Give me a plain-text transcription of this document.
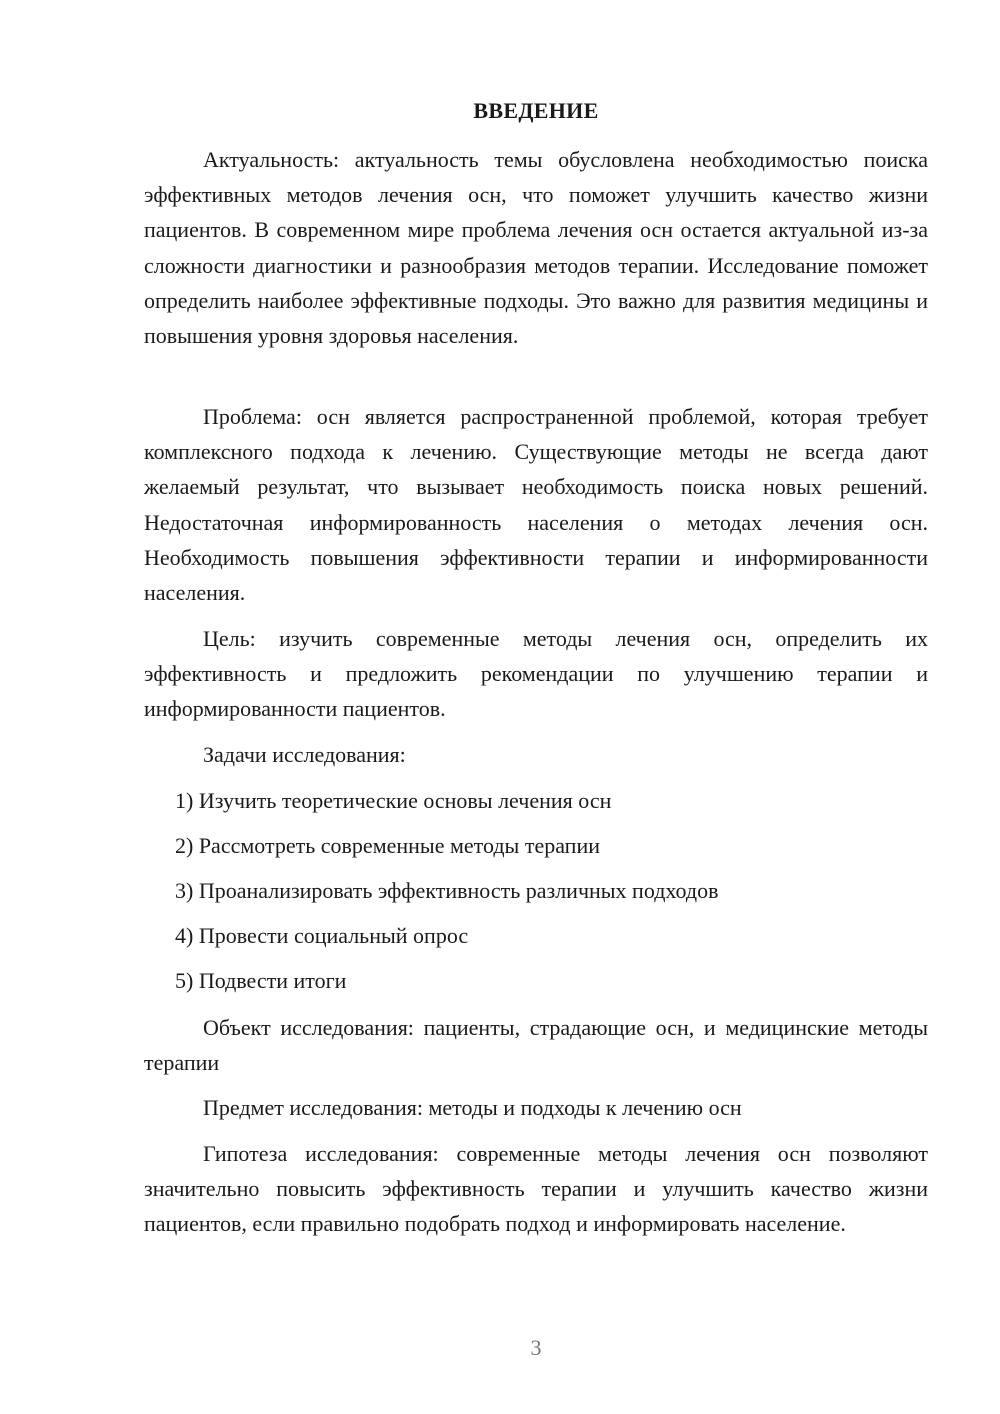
ВВЕДЕНИЕ

Актуальность: актуальность темы обусловлена необходимостью поиска эффективных методов лечения осн, что поможет улучшить качество жизни пациентов. В современном мире проблема лечения осн остается актуальной из-за сложности диагностики и разнообразия методов терапии. Исследование поможет определить наиболее эффективные подходы. Это важно для развития медицины и повышения уровня здоровья населения.

Проблема: осн является распространенной проблемой, которая требует комплексного подхода к лечению. Существующие методы не всегда дают желаемый результат, что вызывает необходимость поиска новых решений. Недостаточная информированность населения о методах лечения осн. Необходимость повышения эффективности терапии и информированности населения.

Цель: изучить современные методы лечения осн, определить их эффективность и предложить рекомендации по улучшению терапии и информированности пациентов.

Задачи исследования:

1) Изучить теоретические основы лечения осн
2) Рассмотреть современные методы терапии
3) Проанализировать эффективность различных подходов
4) Провести социальный опрос
5) Подвести итоги

Объект исследования: пациенты, страдающие осн, и медицинские методы терапии

Предмет исследования: методы и подходы к лечению осн

Гипотеза исследования: современные методы лечения осн позволяют значительно повысить эффективность терапии и улучшить качество жизни пациентов, если правильно подобрать подход и информировать население.

3
